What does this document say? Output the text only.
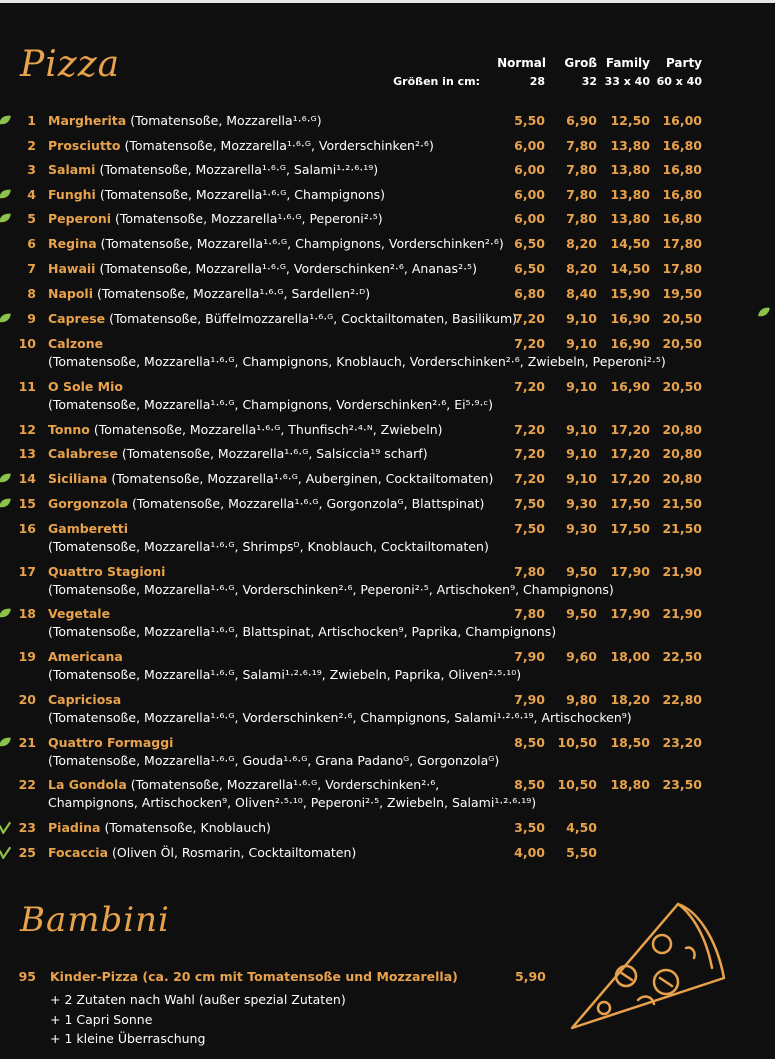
Pizza	Normal	Groß Family	Party
Größen in cm:	28	32 33 x 40 60 x 40
1 Margherita (Tomatensoße, Mozzarella¹·⁶·ᴳ)	5,50	6,90	12,50 16,00
2 Prosciutto (Tomatensoße, Mozzarella¹·⁶·ᴳ, Vorderschinken²·⁶)	6,00	7,80	13,80 16,80
3 Salami (Tomatensoße, Mozzarella¹·⁶·ᴳ, Salami¹·²·⁶·¹⁹)	6,00	7,80	13,80 16,80
4 Funghi (Tomatensoße, Mozzarella¹·⁶·ᴳ, Champignons)	6,00	7,80	13,80 16,80
5 Peperoni (Tomatensoße, Mozzarella¹·⁶·ᴳ, Peperoni²·⁵)	6,00	7,80	13,80 16,80
6 Regina (Tomatensoße, Mozzarella¹·⁶·ᴳ, Champignons, Vorderschinken²·⁶) 6,50	8,20	14,50 17,80
7 Hawaii (Tomatensoße, Mozzarella¹·⁶·ᴳ, Vorderschinken²·⁶, Ananas²·⁵)	6,50	8,20	14,50 17,80
8 Napoli (Tomatensoße, Mozzarella¹·⁶·ᴳ, Sardellen²·ᴰ)	6,80	8,40	15,90 19,50
9 Caprese (Tomatensoße, Büffelmozzarella¹·⁶·ᴳ, Cocktailtomaten, Basilikum)
7,20	9,10	16,90 20,50
10 Calzone
(Tomatensoße, Mozzarella¹·⁶·ᴳ, Champignons, Knoblauch, Vorderschinken²·⁶, Zwiebeln, Peperoni²·⁵)
7,20	9,10	16,90 20,50
11 O Sole Mio
(Tomatensoße, Mozzarella¹·⁶·ᴳ, Champignons, Vorderschinken²·⁶, Ei⁵·⁹·ᶜ)
7,20	9,10	16,90 20,50
12 Tonno (Tomatensoße, Mozzarella¹·⁶·ᴳ, Thunfisch²·⁴·ᴺ, Zwiebeln)	7,20	9,10	17,20 20,80
13 Calabrese (Tomatensoße, Mozzarella¹·⁶·ᴳ, Salsiccia¹⁹ scharf)	7,20	9,10	17,20 20,80
14 Siciliana (Tomatensoße, Mozzarella¹·⁶·ᴳ, Auberginen, Cocktailtomaten)	7,20	9,10	17,20 20,80
15 Gorgonzola (Tomatensoße, Mozzarella¹·⁶·ᴳ, Gorgonzolaᴳ, Blattspinat)	7,50	9,30	17,50 21,50
16 Gamberetti
(Tomatensoße, Mozzarella¹·⁶·ᴳ, Shrimpsᴰ, Knoblauch, Cocktailtomaten)
7,50	9,30	17,50 21,50
17 Quattro Stagioni
(Tomatensoße, Mozzarella¹·⁶·ᴳ, Vorderschinken²·⁶, Peperoni²·⁵, Artischoken⁹, Champignons)
7,80	9,50	17,90 21,90
18 Vegetale
(Tomatensoße, Mozzarella¹·⁶·ᴳ, Blattspinat, Artischocken⁹, Paprika, Champignons)
7,80	9,50	17,90 21,90
19 Americana
(Tomatensoße, Mozzarella¹·⁶·ᴳ, Salami¹·²·⁶·¹⁹, Zwiebeln, Paprika, Oliven²·⁵·¹⁰)
7,90	9,60	18,00 22,50
20 Capriciosa
(Tomatensoße, Mozzarella¹·⁶·ᴳ, Vorderschinken²·⁶, Champignons, Salami¹·²·⁶·¹⁹, Artischocken⁹)
7,90	9,80	18,20 22,80
21 Quattro Formaggi
(Tomatensoße, Mozzarella¹·⁶·ᴳ, Gouda¹·⁶·ᴳ, Grana Padanoᴳ, Gorgonzolaᴳ)
8,50 10,50	18,50 23,20
22 La Gondola (Tomatensoße, Mozzarella¹·⁶·ᴳ, Vorderschinken²·⁶,
Champignons, Artischocken⁹, Oliven²·⁵·¹⁰, Peperoni²·⁵, Zwiebeln, Salami¹·²·⁶·¹⁹)
8,50 10,50	18,80 23,50
23 Piadina (Tomatensoße, Knoblauch)	3,50	4,50
25 Focaccia (Oliven Öl, Rosmarin, Cocktailtomaten)	4,00	5,50
Bambini
95 Kinder-Pizza (ca. 20 cm mit Tomatensoße und Mozzarella)	5,90
+ 2 Zutaten nach Wahl (außer spezial Zutaten)
+ 1 Capri Sonne
+ 1 kleine Überraschung
